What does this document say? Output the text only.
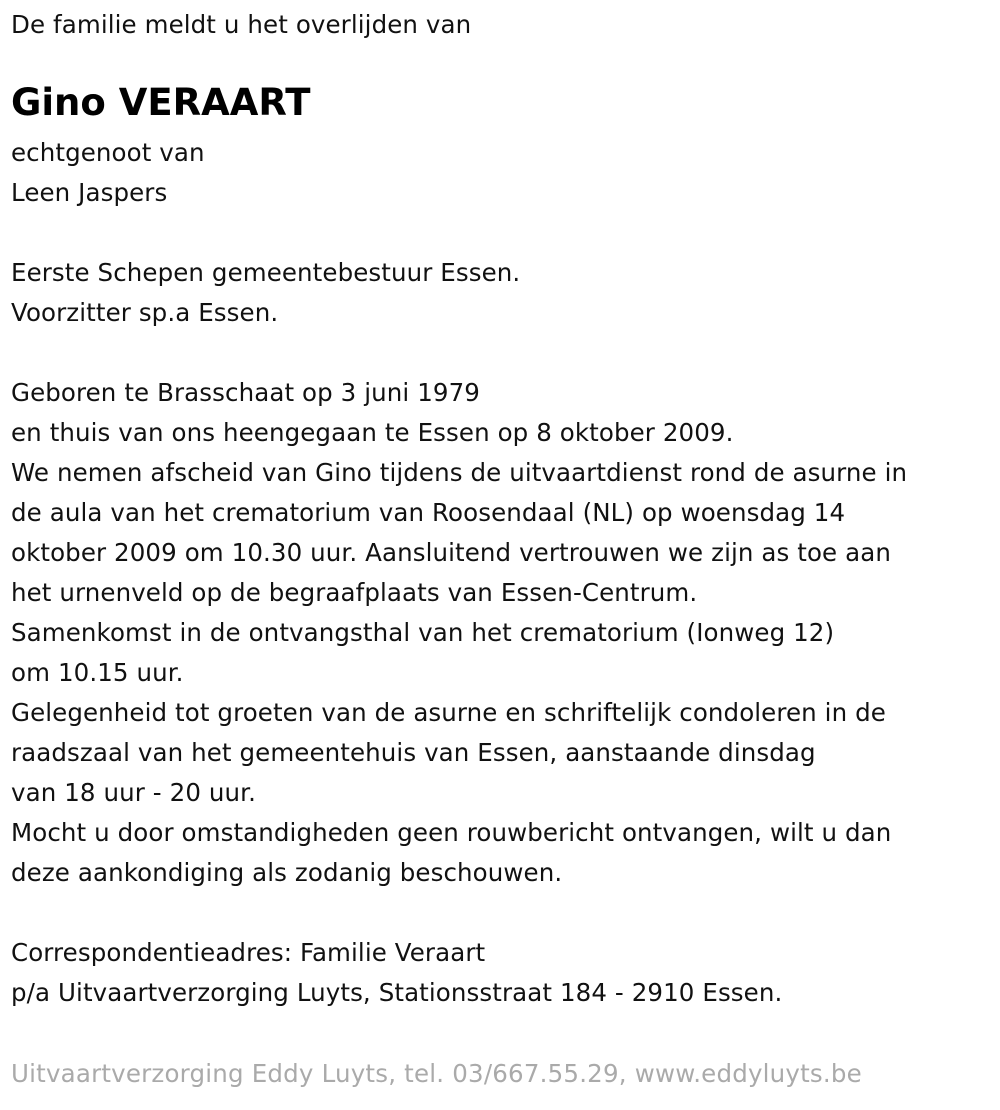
De familie meldt u het overlijden van
Gino VERAART
echtgenoot van
Leen Jaspers
Eerste Schepen gemeentebestuur Essen.
Voorzitter sp.a Essen.
Geboren te Brasschaat op 3 juni 1979
en thuis van ons heengegaan te Essen op 8 oktober 2009.
We nemen afscheid van Gino tijdens de uitvaartdienst rond de asurne in
de aula van het crematorium van Roosendaal (NL) op woensdag 14
oktober 2009 om 10.30 uur. Aansluitend vertrouwen we zijn as toe aan
het urnenveld op de begraafplaats van Essen-Centrum.
Samenkomst in de ontvangsthal van het crematorium (Ionweg 12)
om 10.15 uur.
Gelegenheid tot groeten van de asurne en schriftelijk condoleren in de
raadszaal van het gemeentehuis van Essen, aanstaande dinsdag
van 18 uur - 20 uur.
Mocht u door omstandigheden geen rouwbericht ontvangen, wilt u dan
deze aankondiging als zodanig beschouwen.
Correspondentieadres: Familie Veraart
p/a Uitvaartverzorging Luyts, Stationsstraat 184 - 2910 Essen.
Uitvaartverzorging Eddy Luyts, tel. 03/667.55.29, www.eddyluyts.be
